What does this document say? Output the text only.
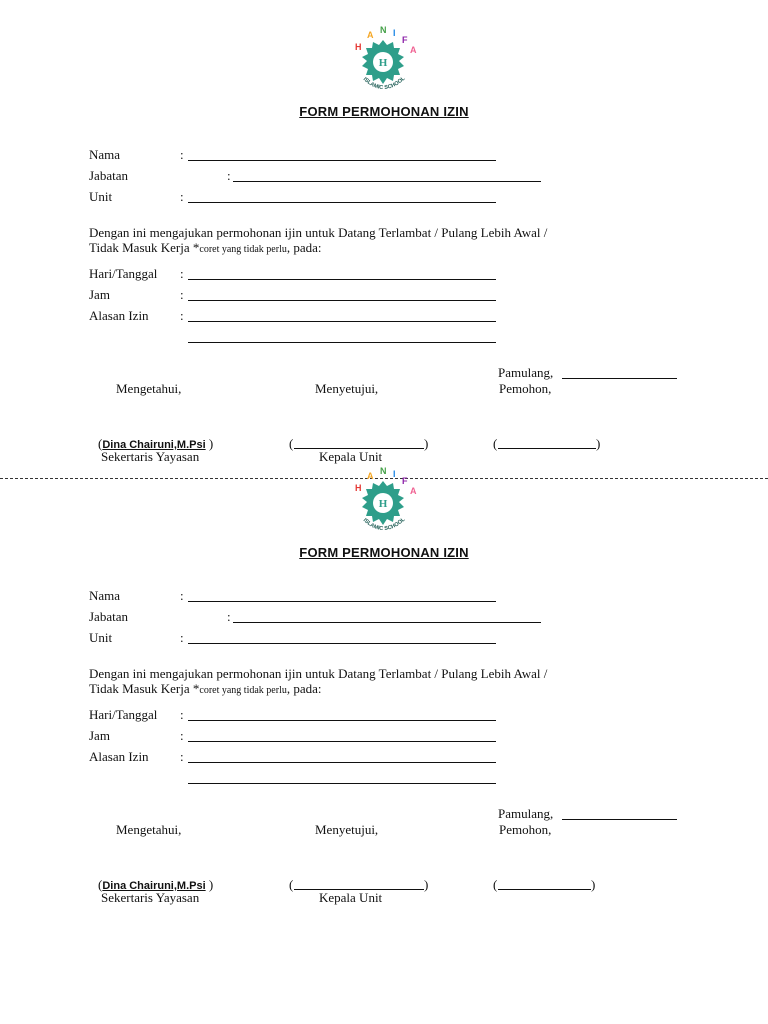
H
H
A N I
F
A
ISLAMIC SCHOOL
FORM PERMOHONAN IZIN
Nama	:
Jabatan	:
Unit	:
Dengan ini mengajukan permohonan ijin untuk Datang Terlambat / Pulang Lebih Awal /
Tidak Masuk Kerja *coret yang tidak perlu, pada:
Hari/Tanggal :
Jam	:
Alasan Izin :
Pamulang,
Mengetahui,	Menyetujui,	Pemohon,
(Dina Chairuni,M.Psi )	(	)	(	)
Sekertaris Yayasan	Kepala Unit
H
H
A N I
F
A
ISLAMIC SCHOOL
FORM PERMOHONAN IZIN
Nama	:
Jabatan	:
Unit	:
Dengan ini mengajukan permohonan ijin untuk Datang Terlambat / Pulang Lebih Awal /
Tidak Masuk Kerja *coret yang tidak perlu, pada:
Hari/Tanggal :
Jam	:
Alasan Izin :
Pamulang,
Mengetahui,	Menyetujui,	Pemohon,
(Dina Chairuni,M.Psi )	(	)	(	)
Sekertaris Yayasan	Kepala Unit
